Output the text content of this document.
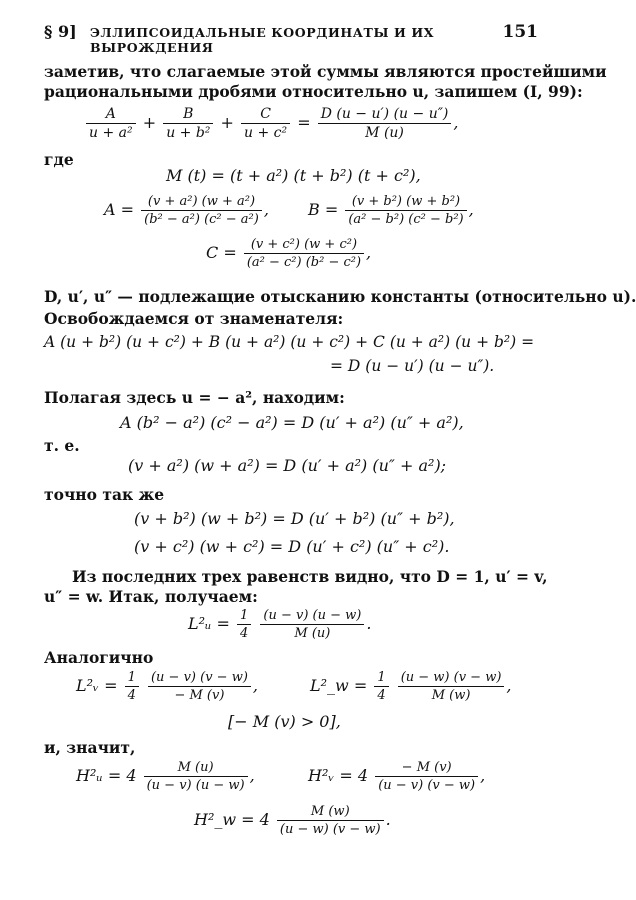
§ 9] ЭЛЛИПСОИДАЛЬНЫЕ КООРДИНАТЫ И ИХ ВЫРОЖДЕНИЯ
151
заметив, что слагаемые этой суммы являются простейшими
рациональными дробями относительно u, запишем (I, 99):
$\frac{A}{\text{u + a²}} + \frac{B}{\text{u + b²}} + \frac{C}{\text{u + c²}} = \frac{D (u - u') (u - u'')}{M (u)}$ ,
где
M (t) = (t + a²) (t + b²) (t + c²),
$A = \frac{\text{(v + a²) (w + a²)}}{\text{(b² − a²) (c² − a²)}}$ , $B = \frac{\text{(v + b²) (w + b²)}}{\text{(a² − b²) (c² − b²)}}$ ,
$C = \frac{\text{(v + c²) (w + c²)}}{\text{(a² − c²) (b² − c²)}}$ ,
D, u′, u″ — подлежащие отысканию константы (относительно u).
Освобождаемся от знаменателя:
A (u + b²) (u + c²) + B (u + a²) (u + c²) + C (u + a²) (u + b²) =
= D (u − u′) (u − u″).
Полагая здесь u = − a², находим:
A (b² − a²) (c² − a²) = D (u′ + a²) (u″ + a²),
т. е.
(v + a²) (w + a²) = D (u′ + a²) (u″ + a²);
точно так же
(v + b²) (w + b²) = D (u′ + b²) (u″ + b²),
(v + c²) (w + c²) = D (u′ + c²) (u″ + c²).
Из последних трех равенств видно, что D = 1, u′ = v,
u″ = w. Итак, получаем:
L²ᵤ = $\frac{1}{4}$
$\frac{(u - v) (u - w)}{M (u)}$ .
Аналогично
L²ᵥ = $\frac{1}{4}$
$\frac{(u - v) (v - w)}{- M (v)}$ ,	L²_w = $\frac{1}{4}$
$\frac{(u - w) (v - w)}{M (w)}$ ,
[− M (v) > 0],
и, значит,
H²ᵤ = $4 \frac{M (u)}{(u - v) (u - w)}$ ,	H²ᵥ = $4 \frac{- M (v)}{(u - v) (v - w)}$ ,
H²_w = $4 \frac{M (w)}{(u - w) (v - w)}$ .
